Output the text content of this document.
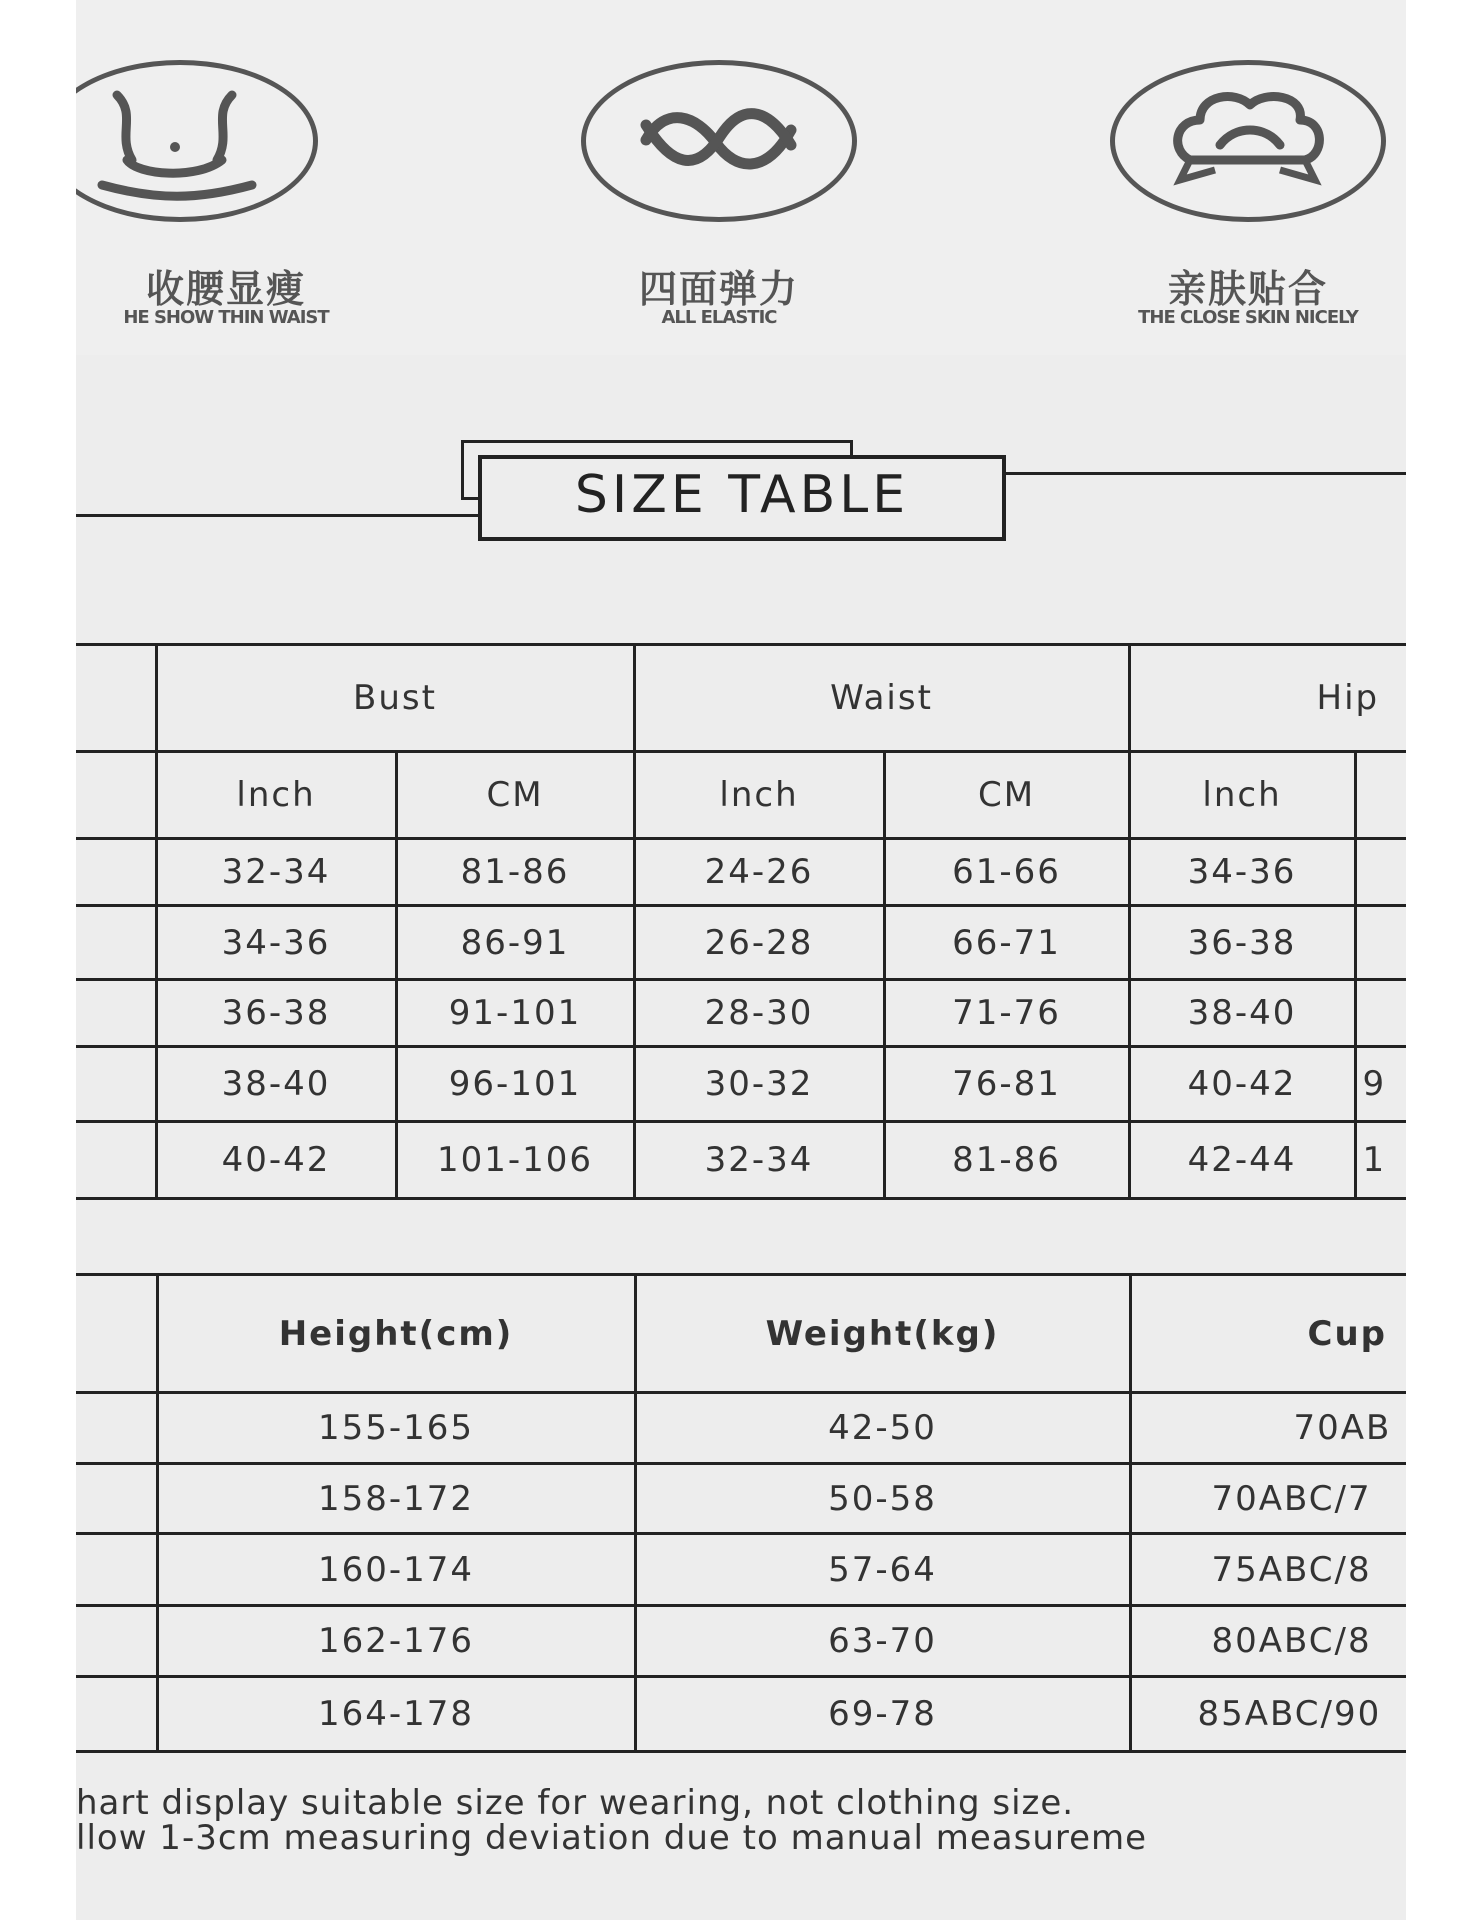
收腰显瘦
HE SHOW THIN WAIST
四面弹力
ALL ELASTIC
亲肤贴合
THE CLOSE SKIN NICELY
SIZE TABLE
	Bust		Waist		Hip	
	lnch	CM	lnch	CM	lnch	
	32-34	81-86	24-26	61-66	34-36	
	34-36	86-91	26-28	66-71	36-38	
	36-38	91-101	28-30	71-76	38-40	
	38-40	96-101	30-32	76-81	40-42	9
	40-42	101-106	32-34	81-86	42-44	1
	Height(cm)	Weight(kg)	Cup
	155-165	42-50	70AB
	158-172	50-58	70ABC/7
	160-174	57-64	75ABC/8
	162-176	63-70	80ABC/8
	164-178	69-78	85ABC/90
hart display suitable size for wearing, not clothing size.
llow 1-3cm measuring deviation due to manual measureme
